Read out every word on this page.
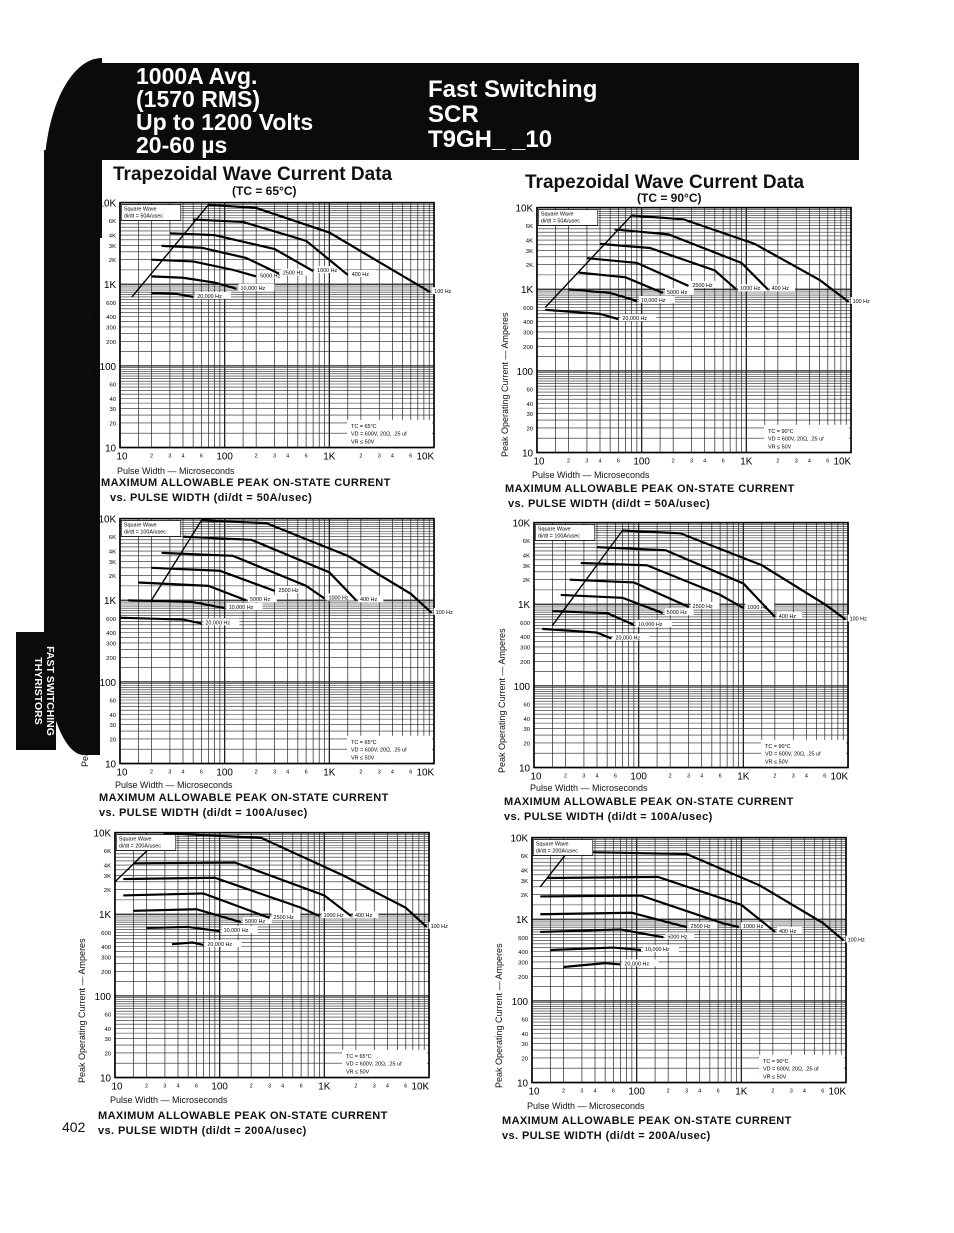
1000A Avg.
(1570 RMS)
Up to 1200 Volts
20-60 µs
Fast Switching
SCR
T9GH_ _10
FAST SWITCHING
THYRISTORS
Trapezoidal Wave Current Data
(TC = 65°C)	Trapezoidal Wave Current Data
(TC = 90°C)
10K
1K
100
10
6K
4K
3K
2K
600
400
300
200
60
40
30
20
10	100	1K	10K
2	3 4	6	2	3 4	6	2	3 4	6
20,000 Hz
10,000 Hz
5000 Hz 2500 Hz	1000 Hz
400 Hz
100 Hz
Square Wave
di/dt = 50A/usec
TC = 65°C
VD = 600V, 20Ω, .25 uf
VR ≤ 50V
10K
1K
100
10
6K
4K
3K
2K
600
400
300
200
60
40
30
20
10	100	1K	10K
2	3 4	6	2	3 4	6	2	3 4	6
20,000 Hz
10,000 Hz
5000 Hz
2500 Hz
1000 Hz 400 Hz
100 Hz
Square Wave
di/dt = 50A/usec
TC = 90°C
VD = 600V, 20Ω, .25 uf
VR ≤ 50V
10K
1K
100
10
6K
4K
3K
2K
600
400
300
200
60
40
30
20
10	100	1K	10K
2	3 4	6	2	3 4	6	2	3 4	6
20,000 Hz
10,000 Hz
5000 Hz
2500 Hz
1000 Hz 400 Hz
100 Hz
Square Wave
di/dt = 100A/usec
TC = 65°C
VD = 600V, 20Ω, .25 uf
VR ≤ 50V
10K
1K
100
10
6K
4K
3K
2K
600
400
300
200
60
40
30
20
10	100	1K	10K
2	3 4	6	2	3 4	6	2	3 4	6
20,000 Hz
10,000 Hz
5000 Hz
2500 Hz	1000 Hz
400 Hz	100 Hz
Square Wave
di/dt = 100A/usec
TC = 90°C
VD = 600V, 20Ω, .25 uf
VR ≤ 50V
10K
1K
100
10
6K
4K
3K
2K
600
400
300
200
60
40
30
20
10	100	1K	10K
2	3 4	6	2	3 4	6	2	3 4	6
20,000 Hz
10,000 Hz
5000 Hz
2500 Hz	1000 Hz 400 Hz
100 Hz
Square Wave
di/dt = 200A/usec
TC = 65°C
VD = 600V, 20Ω, .25 uf
VR ≤ 50V
10K
1K
100
10
6K
4K
3K
2K
600
400
300
200
60
40
30
20
10	100	1K	10K
2	3 4	6	2	3 4	6	2	3 4	6
20,000 Hz
10,000 Hz
5000 Hz
2500 Hz	1000 Hz
400 Hz
100 Hz
Square Wave
di/dt = 200A/usec
TC = 90°C
VD = 600V, 20Ω, .25 uf
VR ≤ 50V
Pulse Width — Microseconds	Pulse Width — Microseconds
Pulse Width — Microseconds	Pulse Width — Microseconds
Pulse Width — Microseconds
Pulse Width — Microseconds
Peak Operating Current — Amperes	Peak Operating Current — Amperes
Peak Operating Current — Amperes	Peak Operating Current — Amperes
Peak Operating Current — Amperes	Peak Operating Current — Amperes
MAXIMUM ALLOWABLE PEAK ON-STATE CURRENT
vs. PULSE WIDTH (di/dt = 50A/usec)
MAXIMUM ALLOWABLE PEAK ON-STATE CURRENT
vs. PULSE WIDTH (di/dt = 50A/usec)
MAXIMUM ALLOWABLE PEAK ON-STATE CURRENT
vs. PULSE WIDTH (di/dt = 100A/usec)
MAXIMUM ALLOWABLE PEAK ON-STATE CURRENT
vs. PULSE WIDTH (di/dt = 100A/usec)
MAXIMUM ALLOWABLE PEAK ON-STATE CURRENT
vs. PULSE WIDTH (di/dt = 200A/usec)
MAXIMUM ALLOWABLE PEAK ON-STATE CURRENT
vs. PULSE WIDTH (di/dt = 200A/usec)
402
